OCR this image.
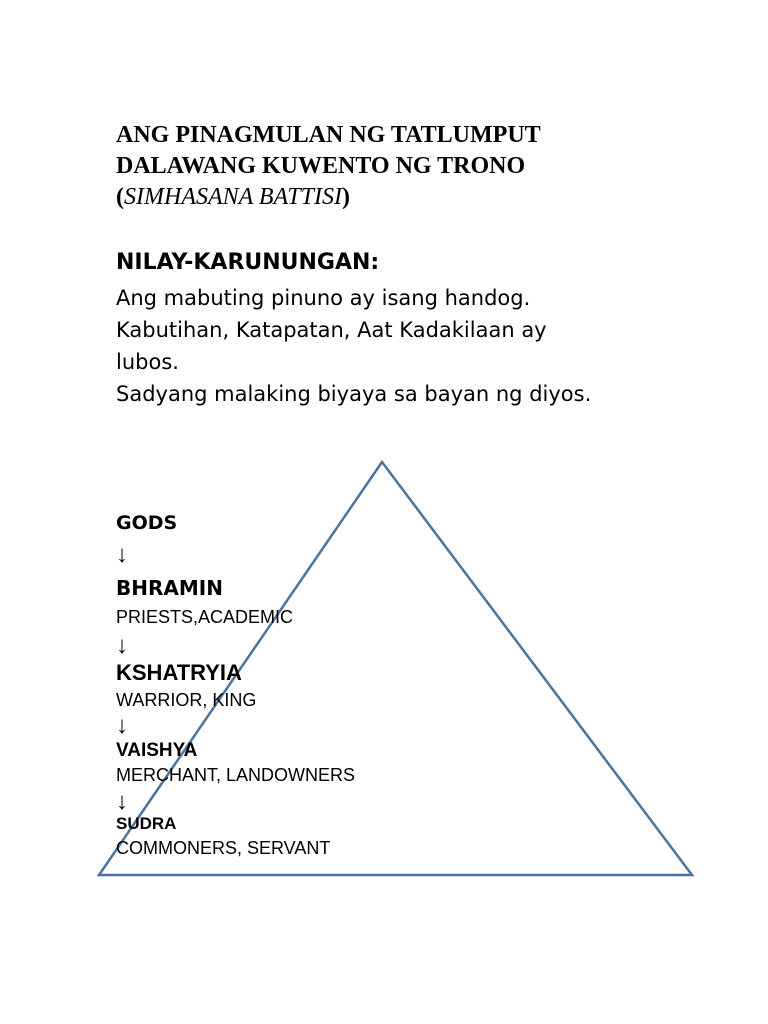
ANG PINAGMULAN NG TATLUMPUT
DALAWANG KUWENTO NG TRONO
(SIMHASANA BATTISI)
NILAY-KARUNUNGAN:
Ang mabuting pinuno ay isang handog.
Kabutihan, Katapatan, Aat Kadakilaan ay
lubos.
Sadyang malaking biyaya sa bayan ng diyos.
GODS
↓
BHRAMIN
PRIESTS,ACADEMIC
↓
KSHATRYIA
WARRIOR, KING
↓
VAISHYA
MERCHANT, LANDOWNERS
↓
SUDRA
COMMONERS, SERVANT
